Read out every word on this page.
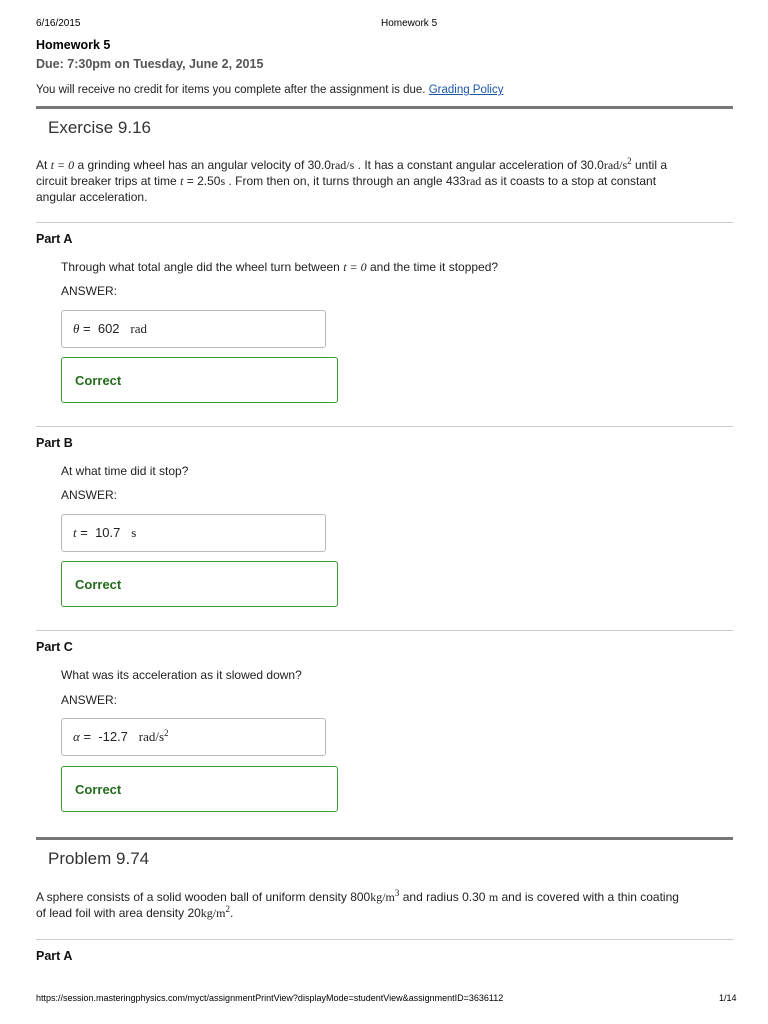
6/16/2015	Homework 5
Homework 5
Due: 7:30pm on Tuesday, June 2, 2015
You will receive no credit for items you complete after the assignment is due. Grading Policy
Exercise 9.16
At t = 0 a grinding wheel has an angular velocity of 30.0rad/s . It has a constant angular acceleration of $30.0rad/s^2$ until a
circuit breaker trips at time t = 2.50s . From then on, it turns through an angle 433rad as it coasts to a stop at constant
angular acceleration.
Part A
Through what total angle did the wheel turn between t = 0 and the time it stopped?
ANSWER:
θ = 602 rad
Correct
Part B
At what time did it stop?
ANSWER:
t = 10.7 s
Correct
Part C
What was its acceleration as it slowed down?
ANSWER:
α = -12.7 rad/$s^2$
Correct
Problem 9.74
A sphere consists of a solid wooden ball of uniform density $800kg/m^3$ and radius 0.30 m and is covered with a thin coating
of lead foil with area density $20kg/m^2$.
Part A
https://session.masteringphysics.com/myct/assignmentPrintView?displayMode=studentView&assignmentID=3636112	1/14
